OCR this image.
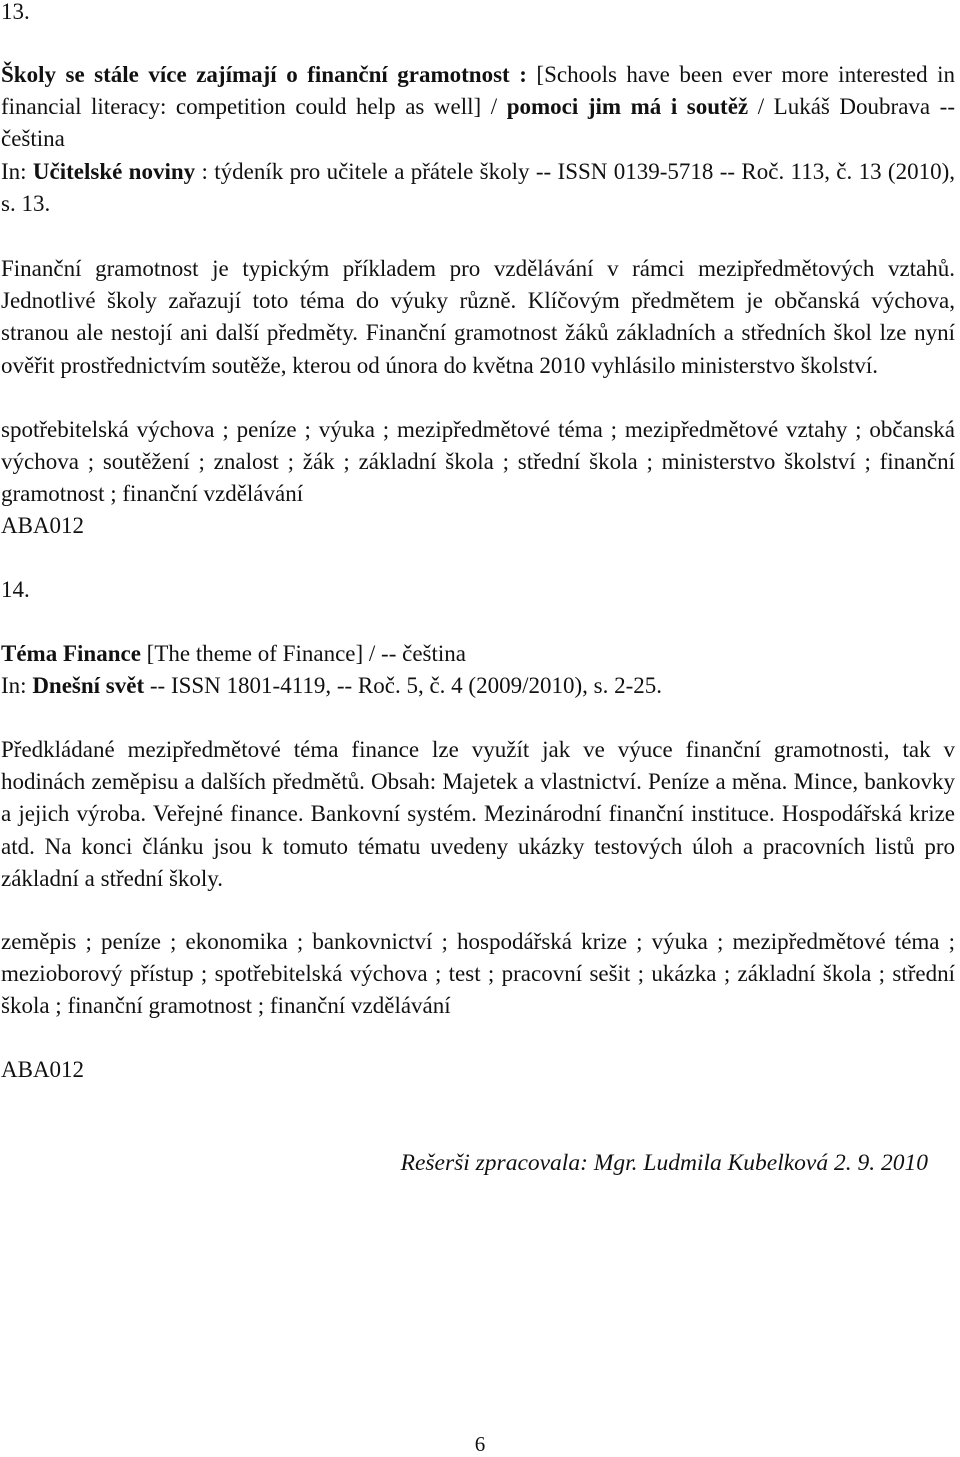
13.
Školy se stále více zajímají o finanční gramotnost : [Schools have been ever more interested in financial literacy: competition could help as well] / pomoci jim má i soutěž / Lukáš Doubrava -- čeština
In: Učitelské noviny : týdeník pro učitele a přátele školy -- ISSN 0139-5718 -- Roč. 113, č. 13 (2010), s. 13.
Finanční gramotnost je typickým příkladem pro vzdělávání v rámci mezipředmětových vztahů. Jednotlivé školy zařazují toto téma do výuky různě. Klíčovým předmětem je občanská výchova, stranou ale nestojí ani další předměty. Finanční gramotnost žáků základních a středních škol lze nyní ověřit prostřednictvím soutěže, kterou od února do května 2010 vyhlásilo ministerstvo školství.
spotřebitelská výchova ; peníze ; výuka ; mezipředmětové téma ; mezipředmětové vztahy ; občanská výchova ; soutěžení ; znalost ; žák ; základní škola ; střední škola ; ministerstvo školství ; finanční gramotnost ; finanční vzdělávání
ABA012
14.
Téma Finance [The theme of Finance] / -- čeština
In: Dnešní svět -- ISSN 1801-4119, -- Roč. 5, č. 4 (2009/2010), s. 2-25.
Předkládané mezipředmětové téma finance lze využít jak ve výuce finanční gramotnosti, tak v hodinách zeměpisu a dalších předmětů. Obsah: Majetek a vlastnictví. Peníze a měna. Mince, bankovky a jejich výroba. Veřejné finance. Bankovní systém. Mezinárodní finanční instituce. Hospodářská krize atd. Na konci článku jsou k tomuto tématu uvedeny ukázky testových úloh a pracovních listů pro základní a střední školy.
zeměpis ; peníze ; ekonomika ; bankovnictví ; hospodářská krize ; výuka ; mezipředmětové téma ; mezioborový přístup ; spotřebitelská výchova ; test ; pracovní sešit ; ukázka ; základní škola ; střední škola ; finanční gramotnost ; finanční vzdělávání
ABA012
Rešerši zpracovala: Mgr. Ludmila Kubelková 2. 9. 2010
6
